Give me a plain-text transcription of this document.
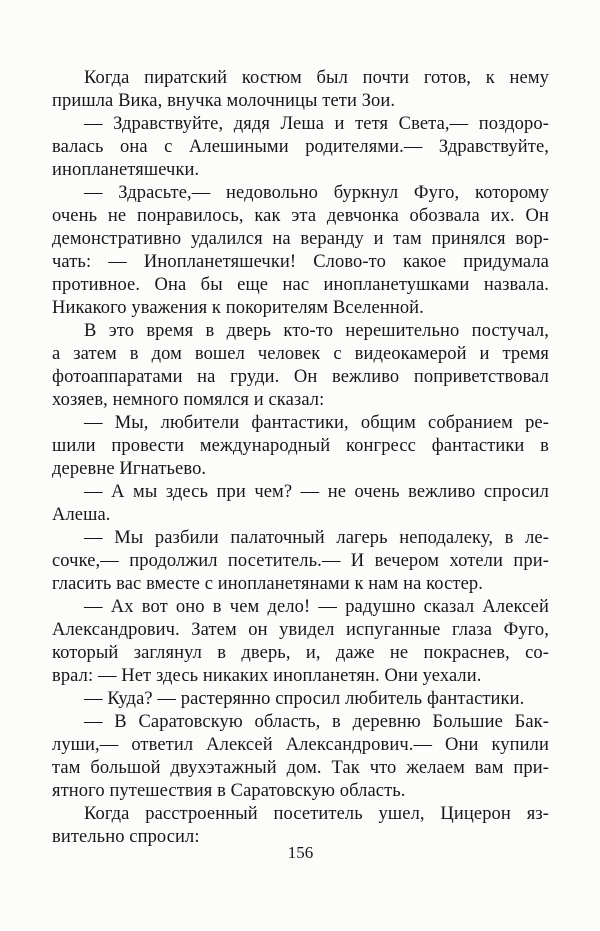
Когда пиратский костюм был почти готов, к нему
пришла Вика, внучка молочницы тети Зои.
— Здравствуйте, дядя Леша и тетя Света,— поздоро-
валась она с Алешиными родителями.— Здравствуйте,
инопланетяшечки.
— Здрасьте,— недовольно буркнул Фуго, которому
очень не понравилось, как эта девчонка обозвала их. Он
демонстративно удалился на веранду и там принялся вор-
чать: — Инопланетяшечки! Слово-то какое придумала
противное. Она бы еще нас инопланетушками назвала.
Никакого уважения к покорителям Вселенной.
В это время в дверь кто-то нерешительно постучал,
а затем в дом вошел человек с видеокамерой и тремя
фотоаппаратами на груди. Он вежливо поприветствовал
хозяев, немного помялся и сказал:
— Мы, любители фантастики, общим собранием ре-
шили провести международный конгресс фантастики в
деревне Игнатьево.
— А мы здесь при чем? — не очень вежливо спросил
Алеша.
— Мы разбили палаточный лагерь неподалеку, в ле-
сочке,— продолжил посетитель.— И вечером хотели при-
гласить вас вместе с инопланетянами к нам на костер.
— Ах вот оно в чем дело! — радушно сказал Алексей
Александрович. Затем он увидел испуганные глаза Фуго,
который заглянул в дверь, и, даже не покраснев, со-
врал: — Нет здесь никаких инопланетян. Они уехали.
— Куда? — растерянно спросил любитель фантастики.
— В Саратовскую область, в деревню Большие Бак-
луши,— ответил Алексей Александрович.— Они купили
там большой двухэтажный дом. Так что желаем вам при-
ятного путешествия в Саратовскую область.
Когда расстроенный посетитель ушел, Цицерон яз-
вительно спросил:
156
